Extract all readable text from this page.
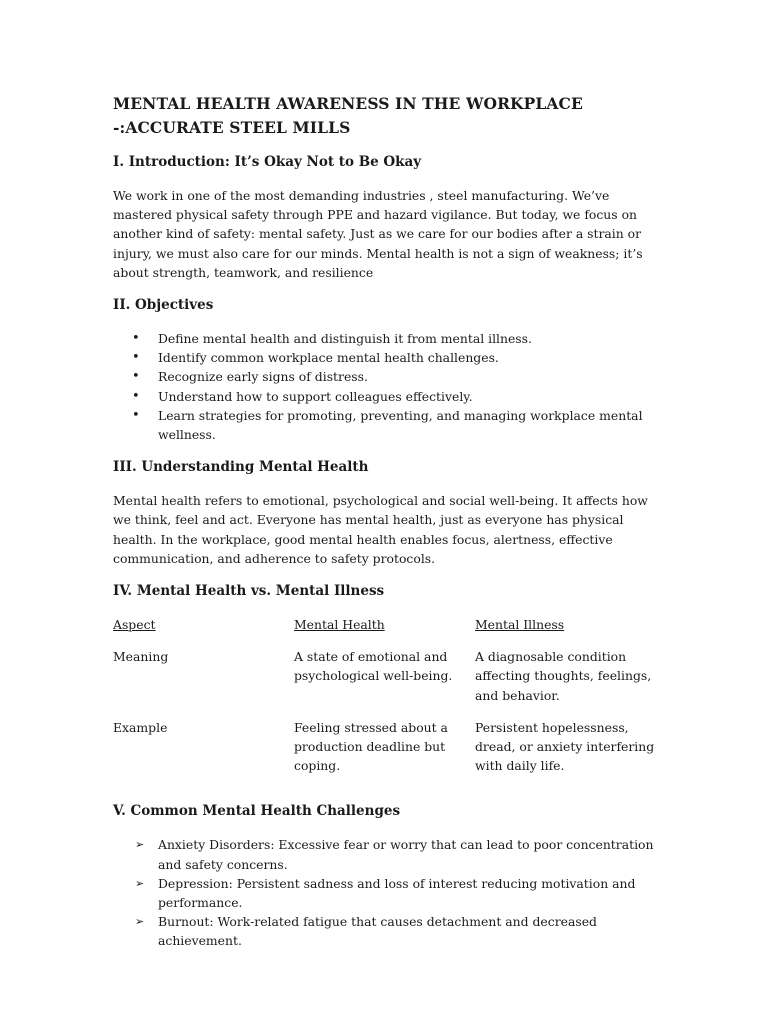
MENTAL HEALTH AWARENESS IN THE WORKPLACE -:ACCURATE STEEL MILLS
I. Introduction: It’s Okay Not to Be Okay

We work in one of the most demanding industries , steel manufacturing. We’ve mastered physical safety through PPE and hazard vigilance. But today, we focus on another kind of safety: mental safety. Just as we care for our bodies after a strain or injury, we must also care for our minds. Mental health is not a sign of weakness; it’s about strength, teamwork, and resilience

II. Objectives
• Define mental health and distinguish it from mental illness.
• Identify common workplace mental health challenges.
• Recognize early signs of distress.
• Understand how to support colleagues effectively.
• Learn strategies for promoting, preventing, and managing workplace mental wellness.
III. Understanding Mental Health

Mental health refers to emotional, psychological and social well-being. It affects how we think, feel and act. Everyone has mental health, just as everyone has physical health. In the workplace, good mental health enables focus, alertness, effective communication, and adherence to safety protocols.

IV. Mental Health vs. Mental Illness
Aspect	Mental Health	Mental Illness
Meaning	A state of emotional and psychological well-being.	A diagnosable condition affecting thoughts, feelings, and behavior.
Example	Feeling stressed about a production deadline but coping.	Persistent hopelessness, dread, or anxiety interfering with daily life.
V. Common Mental Health Challenges
➢ Anxiety Disorders: Excessive fear or worry that can lead to poor concentration and safety concerns.
➢ Depression: Persistent sadness and loss of interest reducing motivation and performance.
➢ Burnout: Work-related fatigue that causes detachment and decreased achievement.
